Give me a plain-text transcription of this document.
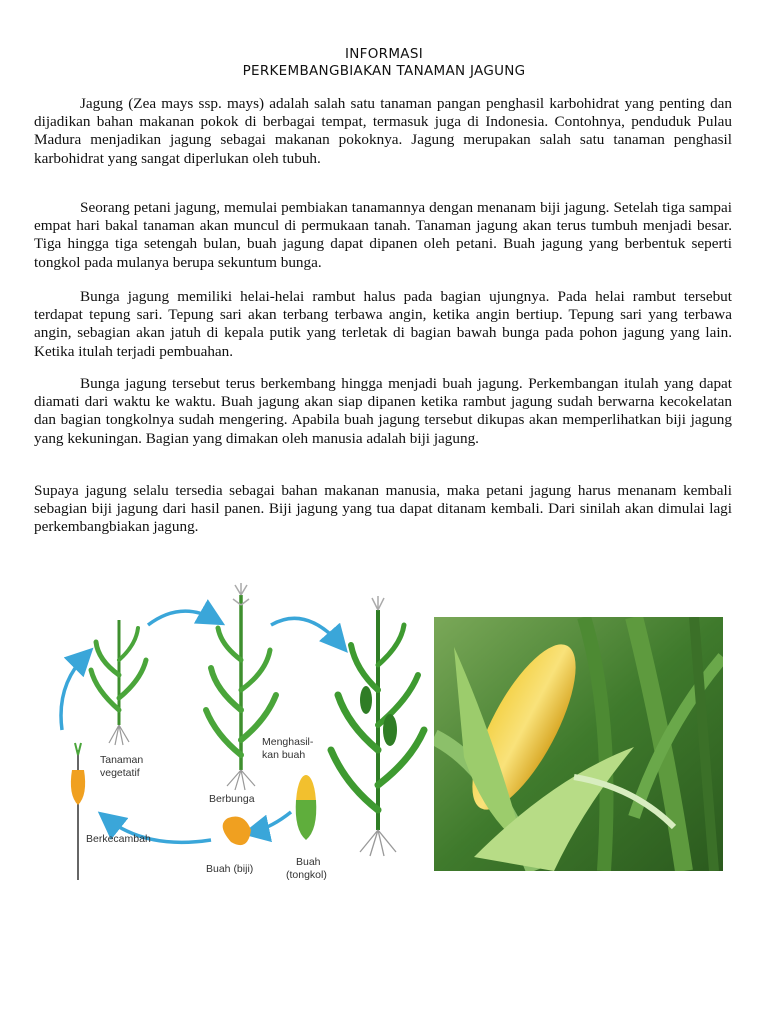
INFORMASI
PERKEMBANGBIAKAN TANAMAN JAGUNG

Jagung (Zea mays ssp. mays) adalah salah satu tanaman pangan penghasil karbohidrat yang penting dan dijadikan bahan makanan pokok di berbagai tempat, termasuk juga di Indonesia. Contohnya, penduduk Pulau Madura menjadikan jagung sebagai makanan pokoknya. Jagung merupakan salah satu tanaman penghasil karbohidrat yang sangat diperlukan oleh tubuh.

Seorang petani jagung, memulai pembiakan tanamannya dengan menanam biji jagung. Setelah tiga sampai empat hari bakal tanaman akan muncul di permukaan tanah. Tanaman jagung akan terus tumbuh menjadi besar. Tiga hingga tiga setengah bulan, buah jagung dapat dipanen oleh petani. Buah jagung yang berbentuk seperti tongkol pada mulanya berupa sekuntum bunga.

Bunga jagung memiliki helai-helai rambut halus pada bagian ujungnya. Pada helai rambut tersebut terdapat tepung sari. Tepung sari akan terbang terbawa angin, ketika angin bertiup. Tepung sari yang terbawa angin, sebagian akan jatuh di kepala putik yang terletak di bagian bawah bunga pada pohon jagung yang lain. Ketika itulah terjadi pembuahan.

Bunga jagung tersebut terus berkembang hingga menjadi buah jagung. Perkembangan itulah yang dapat diamati dari waktu ke waktu. Buah jagung akan siap dipanen ketika rambut jagung sudah berwarna kecokelatan dan bagian tongkolnya sudah mengering. Apabila buah jagung tersebut dikupas akan memperlihatkan biji jagung yang kekuningan. Bagian yang dimakan oleh manusia adalah biji jagung.

Supaya jagung selalu tersedia sebagai bahan makanan manusia, maka petani jagung harus menanam kembali sebagian biji jagung dari hasil panen. Biji jagung yang tua dapat ditanam kembali. Dari sinilah akan dimulai lagi perkembangbiakan jagung.

Tanaman
vegetatif
Berbunga
Menghasil-
kan buah
Berkecambah
Buah (biji)
Buah
(tongkol)
